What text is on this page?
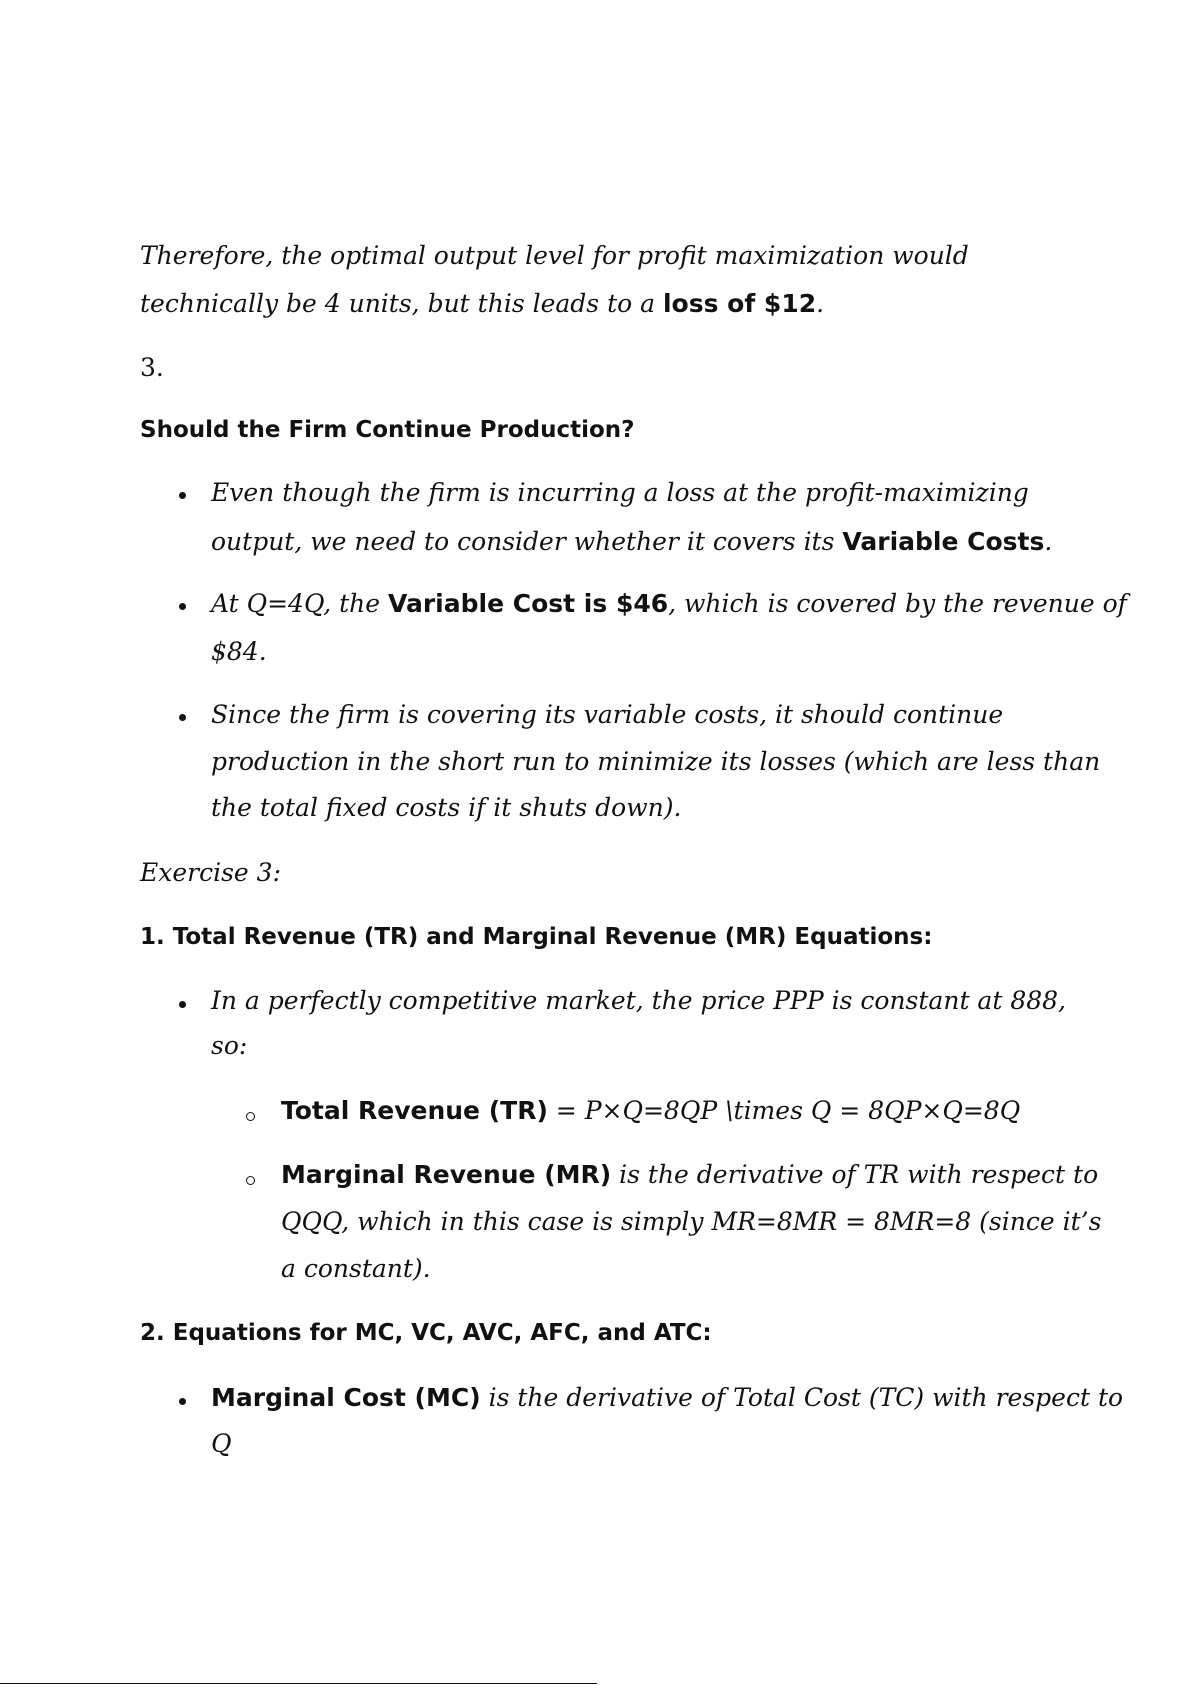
Therefore, the optimal output level for profit maximization would
technically be 4 units, but this leads to a loss of $12.
3.
Should the Firm Continue Production?
Even though the firm is incurring a loss at the profit-maximizing
output, we need to consider whether it covers its Variable Costs.
At Q=4Q, the Variable Cost is $46, which is covered by the revenue of
$84.
Since the firm is covering its variable costs, it should continue
production in the short run to minimize its losses (which are less than
the total fixed costs if it shuts down).
Exercise 3:
1. Total Revenue (TR) and Marginal Revenue (MR) Equations:
In a perfectly competitive market, the price PPP is constant at 888,
so:
Total Revenue (TR) = P×Q=8QP \times Q = 8QP×Q=8Q
Marginal Revenue (MR) is the derivative of TR with respect to
QQQ, which in this case is simply MR=8MR = 8MR=8 (since it’s
a constant).
2. Equations for MC, VC, AVC, AFC, and ATC:
Marginal Cost (MC) is the derivative of Total Cost (TC) with respect to
Q
